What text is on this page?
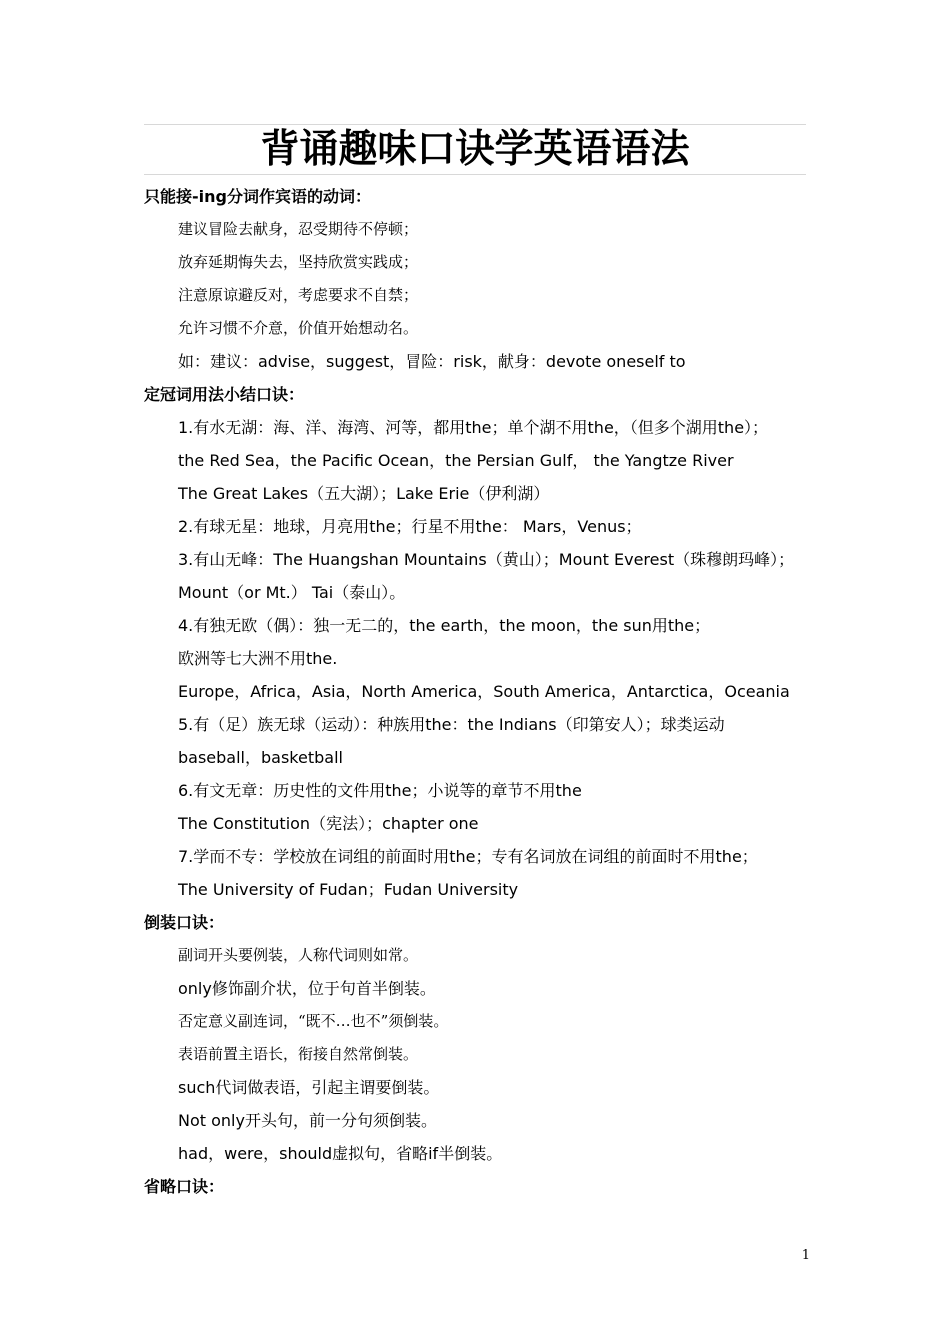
背诵趣味口诀学英语语法
只能接-ing分词作宾语的动词：
建议冒险去献身，忍受期待不停顿；
放弃延期悔失去，坚持欣赏实践成；
注意原谅避反对，考虑要求不自禁；
允许习惯不介意，价值开始想动名。
如：建议：advise，suggest，冒险：risk，献身：devote oneself to
定冠词用法小结口诀：
1.有水无湖：海、洋、海湾、河等，都用the；单个湖不用the，（但多个湖用the）；
the Red Sea，the Pacific Ocean，the Persian Gulf， the Yangtze River
The Great Lakes（五大湖）；Lake Erie（伊利湖）
2.有球无星：地球，月亮用the；行星不用the： Mars，Venus；
3.有山无峰：The Huangshan Mountains（黄山）；Mount Everest（珠穆朗玛峰）；
Mount（or Mt.） Tai（泰山）。
4.有独无欧（偶）：独一无二的，the earth，the moon，the sun用the；
欧洲等七大洲不用the.
Europe，Africa，Asia，North America，South America，Antarctica，Oceania
5.有（足）族无球（运动）：种族用the：the Indians（印第安人）；球类运动
baseball，basketball
6.有文无章：历史性的文件用the；小说等的章节不用the
The Constitution（宪法）；chapter one
7.学而不专：学校放在词组的前面时用the；专有名词放在词组的前面时不用the；
The University of Fudan；Fudan University
倒装口诀：
副词开头要例装，人称代词则如常。
only修饰副介状，位于句首半倒装。
否定意义副连词，“既不…也不”须倒装。
表语前置主语长，衔接自然常倒装。
such代词做表语，引起主谓要倒装。
Not only开头句，前一分句须倒装。
had，were，should虚拟句，省略if半倒装。
省略口诀：
1
